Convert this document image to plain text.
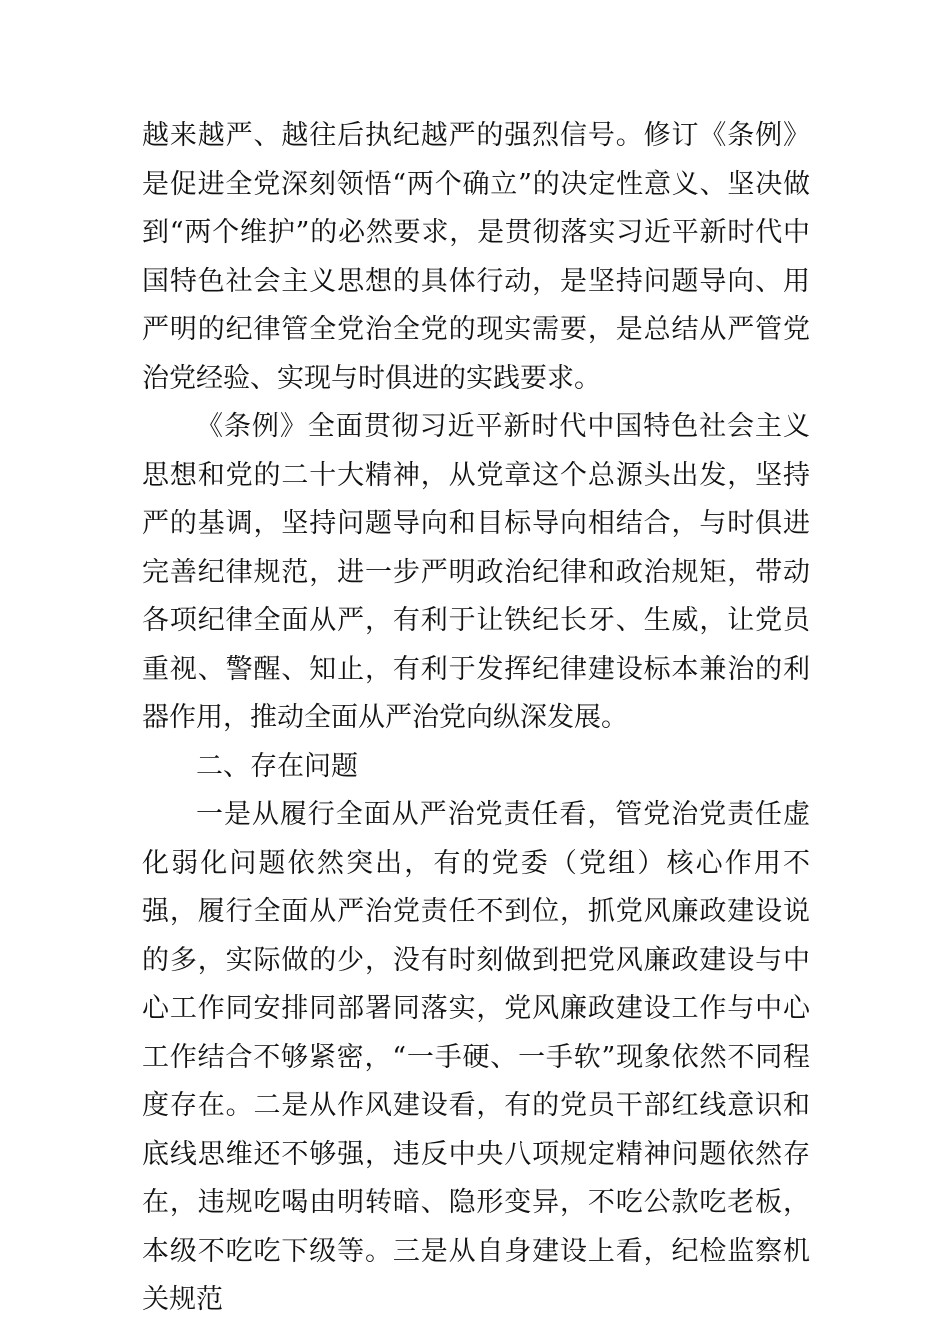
越来越严、越往后执纪越严的强烈信号。修订《条例》是促进全党深刻领悟“两个确立”的决定性意义、坚决做到“两个维护”的必然要求，是贯彻落实习近平新时代中国特色社会主义思想的具体行动，是坚持问题导向、用严明的纪律管全党治全党的现实需要，是总结从严管党治党经验、实现与时俱进的实践要求。

《条例》全面贯彻习近平新时代中国特色社会主义思想和党的二十大精神，从党章这个总源头出发，坚持严的基调，坚持问题导向和目标导向相结合，与时俱进完善纪律规范，进一步严明政治纪律和政治规矩，带动各项纪律全面从严，有利于让铁纪长牙、生威，让党员重视、警醒、知止，有利于发挥纪律建设标本兼治的利器作用，推动全面从严治党向纵深发展。

二、存在问题

一是从履行全面从严治党责任看，管党治党责任虚化弱化问题依然突出，有的党委（党组）核心作用不强，履行全面从严治党责任不到位，抓党风廉政建设说的多，实际做的少，没有时刻做到把党风廉政建设与中心工作同安排同部署同落实，党风廉政建设工作与中心工作结合不够紧密，“一手硬、一手软”现象依然不同程度存在。二是从作风建设看，有的党员干部红线意识和底线思维还不够强，违反中央八项规定精神问题依然存在，违规吃喝由明转暗、隐形变异，不吃公款吃老板，本级不吃吃下级等。三是从自身建设上看，纪检监察机关规范
